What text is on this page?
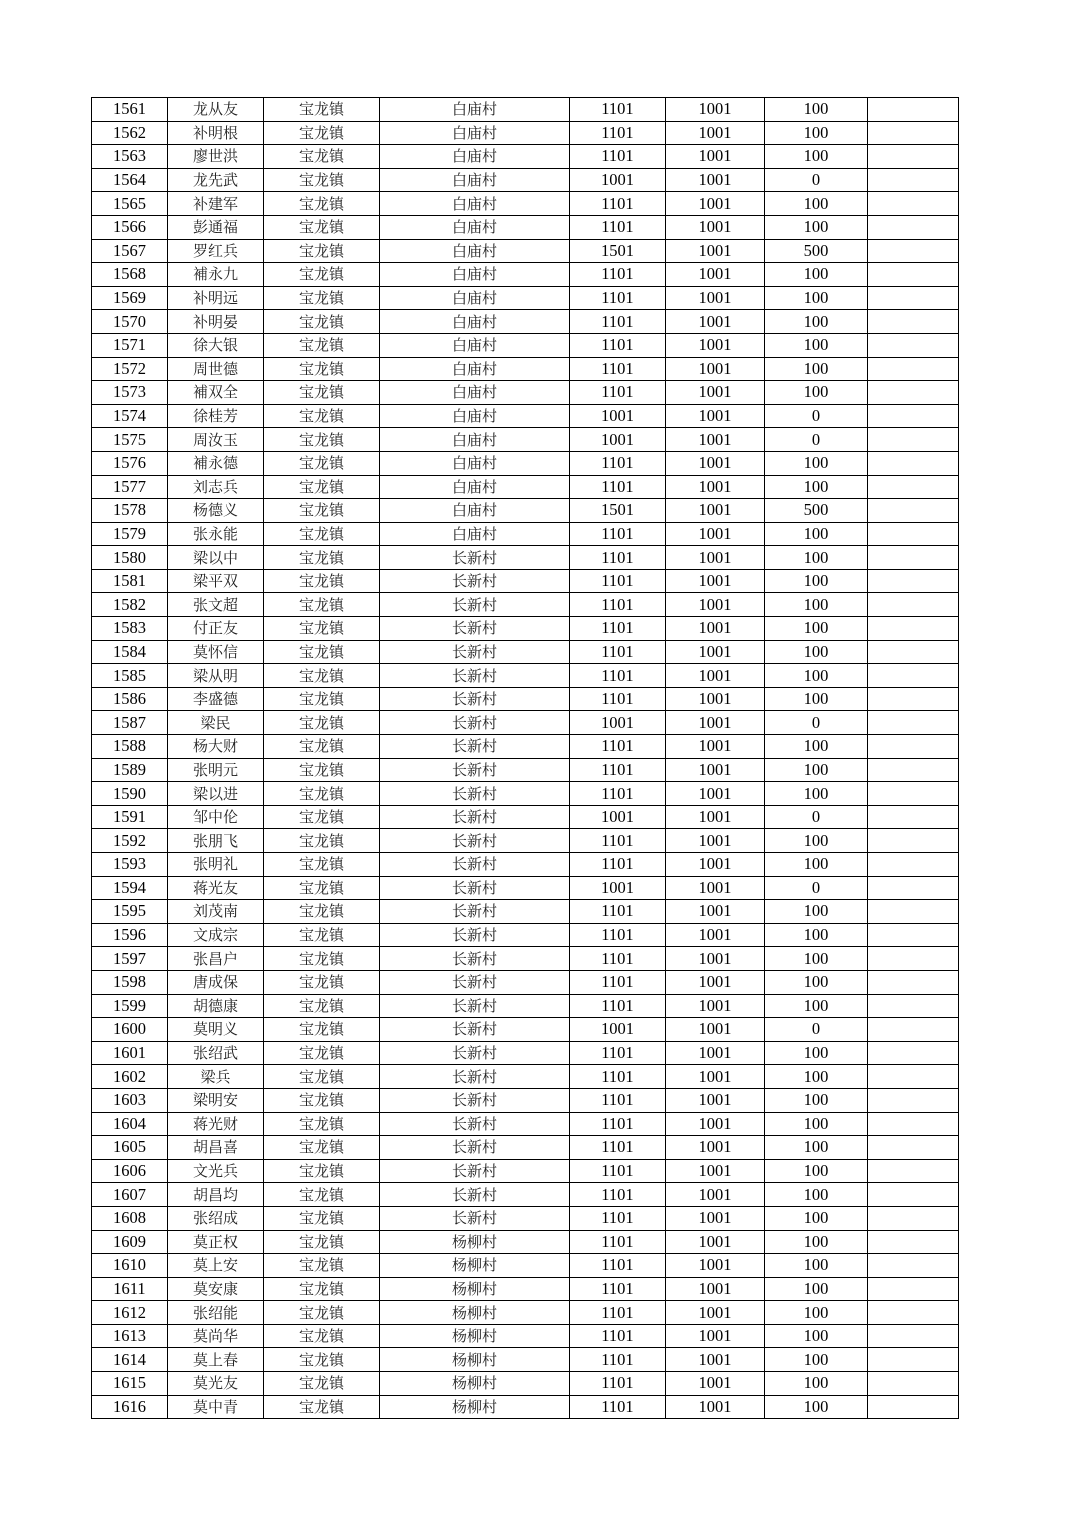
1561	龙从友	宝龙镇	白庙村	1101	1001	100	
1562	补明根	宝龙镇	白庙村	1101	1001	100	
1563	廖世洪	宝龙镇	白庙村	1101	1001	100	
1564	龙先武	宝龙镇	白庙村	1001	1001	0	
1565	补建军	宝龙镇	白庙村	1101	1001	100	
1566	彭通福	宝龙镇	白庙村	1101	1001	100	
1567	罗红兵	宝龙镇	白庙村	1501	1001	500	
1568	補永九	宝龙镇	白庙村	1101	1001	100	
1569	补明远	宝龙镇	白庙村	1101	1001	100	
1570	补明晏	宝龙镇	白庙村	1101	1001	100	
1571	徐大银	宝龙镇	白庙村	1101	1001	100	
1572	周世德	宝龙镇	白庙村	1101	1001	100	
1573	補双全	宝龙镇	白庙村	1101	1001	100	
1574	徐桂芳	宝龙镇	白庙村	1001	1001	0	
1575	周汝玉	宝龙镇	白庙村	1001	1001	0	
1576	補永德	宝龙镇	白庙村	1101	1001	100	
1577	刘志兵	宝龙镇	白庙村	1101	1001	100	
1578	杨德义	宝龙镇	白庙村	1501	1001	500	
1579	张永能	宝龙镇	白庙村	1101	1001	100	
1580	梁以中	宝龙镇	长新村	1101	1001	100	
1581	梁平双	宝龙镇	长新村	1101	1001	100	
1582	张文超	宝龙镇	长新村	1101	1001	100	
1583	付正友	宝龙镇	长新村	1101	1001	100	
1584	莫怀信	宝龙镇	长新村	1101	1001	100	
1585	梁从明	宝龙镇	长新村	1101	1001	100	
1586	李盛德	宝龙镇	长新村	1101	1001	100	
1587	梁民	宝龙镇	长新村	1001	1001	0	
1588	杨大财	宝龙镇	长新村	1101	1001	100	
1589	张明元	宝龙镇	长新村	1101	1001	100	
1590	梁以进	宝龙镇	长新村	1101	1001	100	
1591	邹中伦	宝龙镇	长新村	1001	1001	0	
1592	张朋飞	宝龙镇	长新村	1101	1001	100	
1593	张明礼	宝龙镇	长新村	1101	1001	100	
1594	蒋光友	宝龙镇	长新村	1001	1001	0	
1595	刘茂南	宝龙镇	长新村	1101	1001	100	
1596	文成宗	宝龙镇	长新村	1101	1001	100	
1597	张昌户	宝龙镇	长新村	1101	1001	100	
1598	唐成保	宝龙镇	长新村	1101	1001	100	
1599	胡德康	宝龙镇	长新村	1101	1001	100	
1600	莫明义	宝龙镇	长新村	1001	1001	0	
1601	张绍武	宝龙镇	长新村	1101	1001	100	
1602	梁兵	宝龙镇	长新村	1101	1001	100	
1603	梁明安	宝龙镇	长新村	1101	1001	100	
1604	蒋光财	宝龙镇	长新村	1101	1001	100	
1605	胡昌喜	宝龙镇	长新村	1101	1001	100	
1606	文光兵	宝龙镇	长新村	1101	1001	100	
1607	胡昌均	宝龙镇	长新村	1101	1001	100	
1608	张绍成	宝龙镇	长新村	1101	1001	100	
1609	莫正权	宝龙镇	杨柳村	1101	1001	100	
1610	莫上安	宝龙镇	杨柳村	1101	1001	100	
1611	莫安康	宝龙镇	杨柳村	1101	1001	100	
1612	张绍能	宝龙镇	杨柳村	1101	1001	100	
1613	莫尚华	宝龙镇	杨柳村	1101	1001	100	
1614	莫上春	宝龙镇	杨柳村	1101	1001	100	
1615	莫光友	宝龙镇	杨柳村	1101	1001	100	
1616	莫中青	宝龙镇	杨柳村	1101	1001	100	
